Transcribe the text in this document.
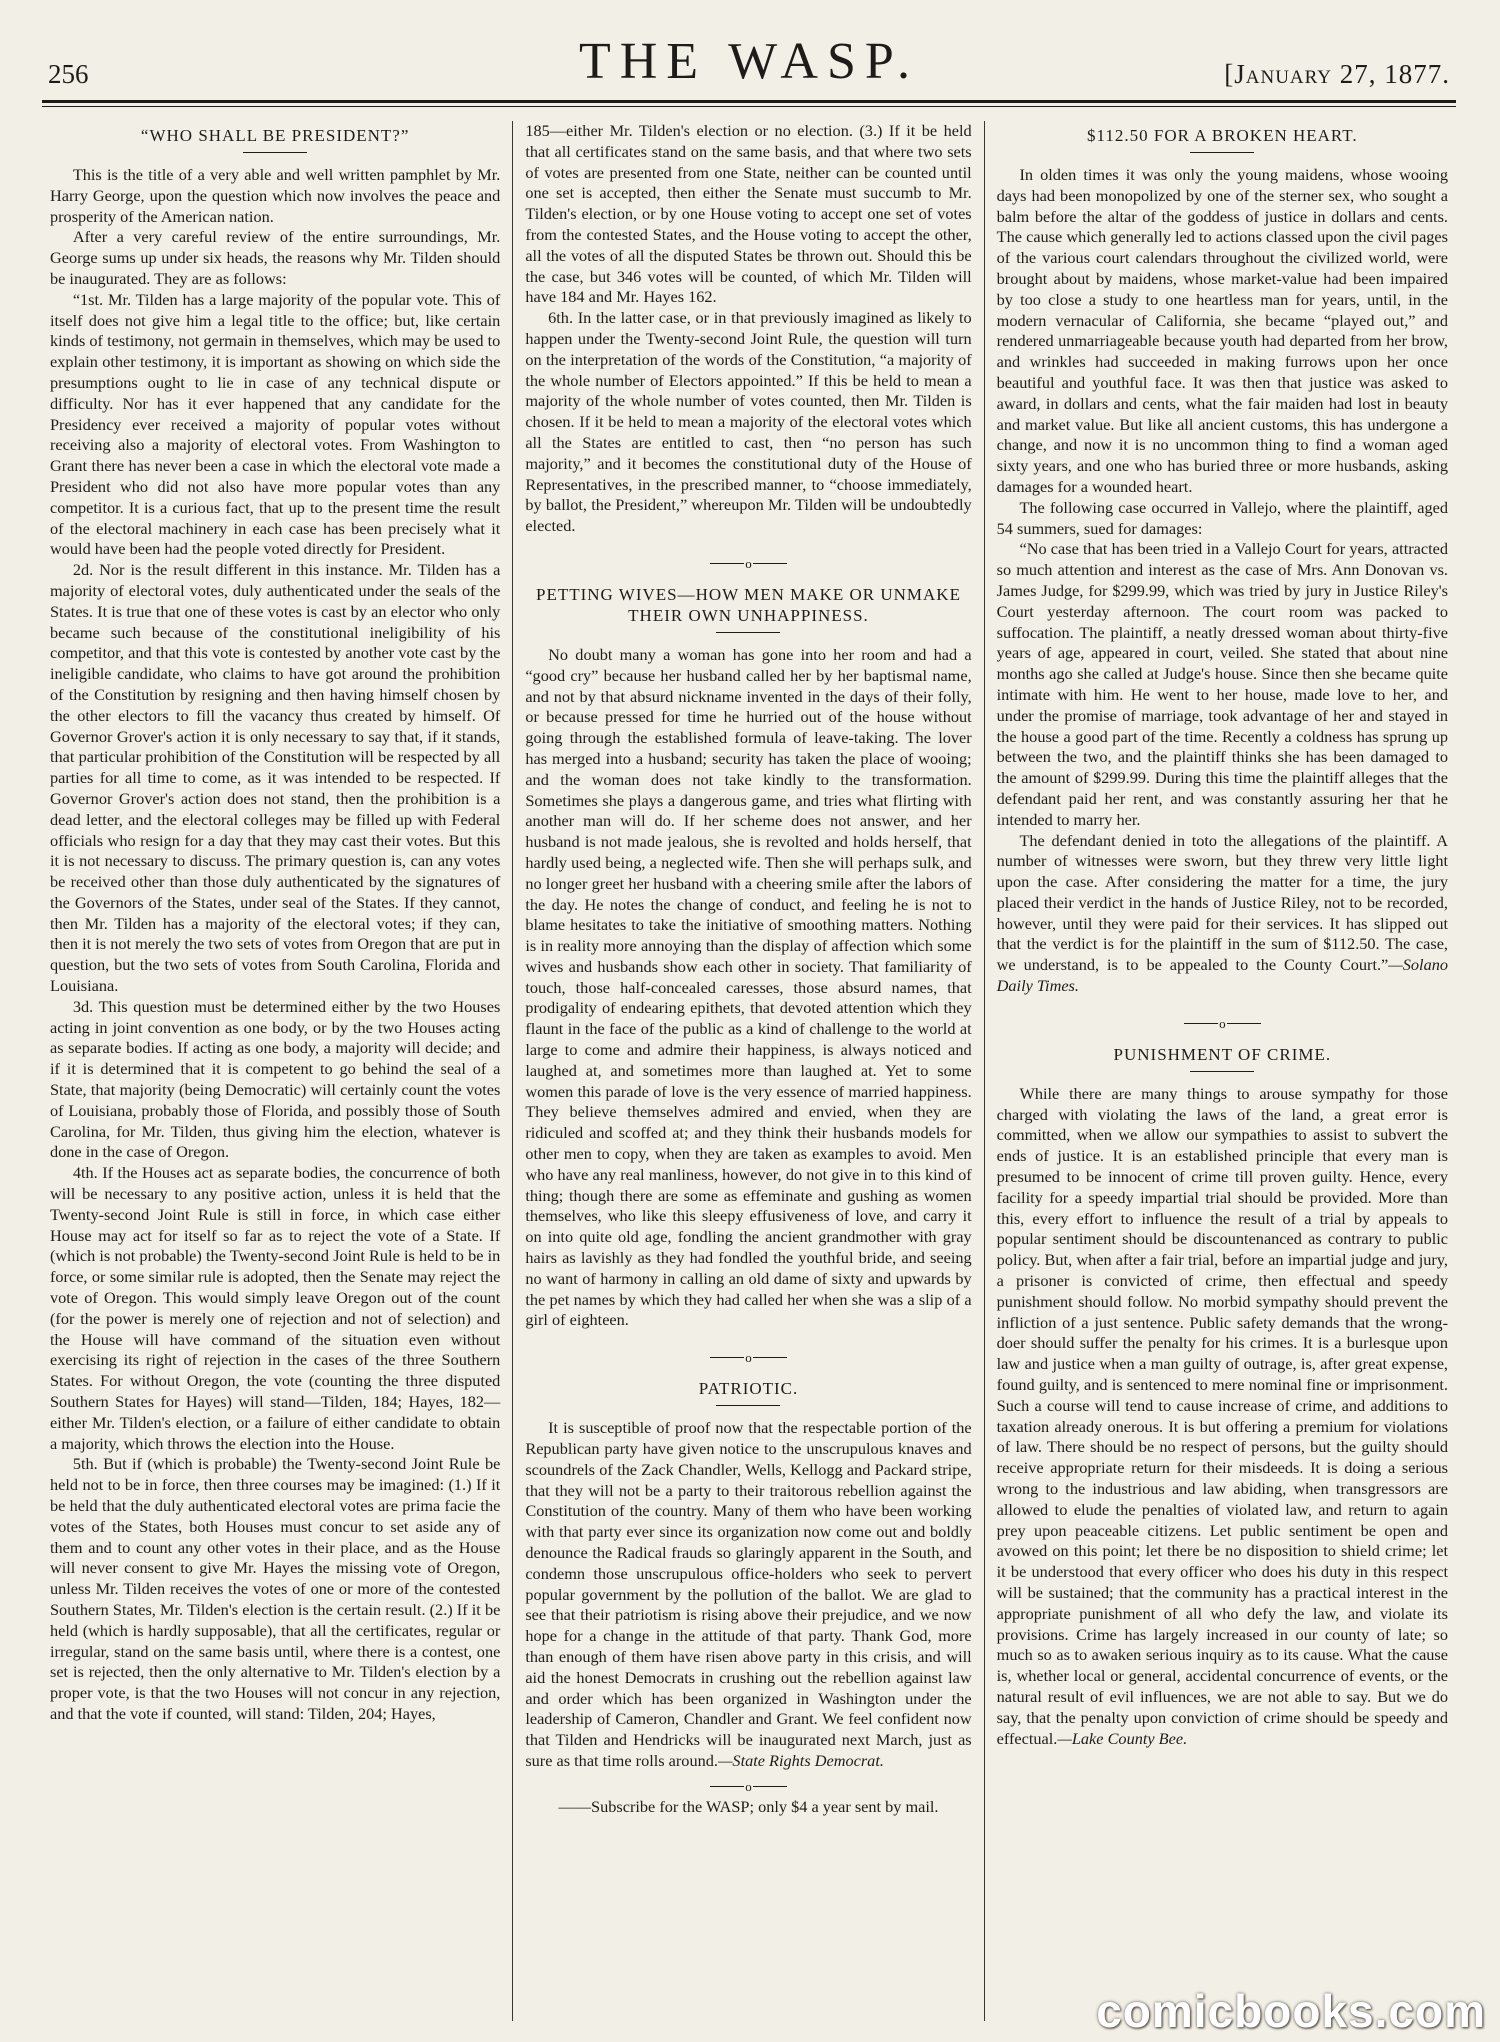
256	THE WASP.	[January 27, 1877.
“WHO SHALL BE PRESIDENT?”

This is the title of a very able and well written pamphlet by Mr. Harry George, upon the question which now involves the peace and prosperity of the American nation.

After a very careful review of the entire surroundings, Mr. George sums up under six heads, the reasons why Mr. Tilden should be inaugurated. They are as follows:

“1st. Mr. Tilden has a large majority of the popular vote. This of itself does not give him a legal title to the office; but, like certain kinds of testimony, not germain in themselves, which may be used to explain other testimony, it is important as showing on which side the presumptions ought to lie in case of any technical dispute or difficulty. Nor has it ever happened that any candidate for the Presidency ever received a majority of popular votes without receiving also a majority of electoral votes. From Washington to Grant there has never been a case in which the electoral vote made a President who did not also have more popular votes than any competitor. It is a curious fact, that up to the present time the result of the electoral machinery in each case has been precisely what it would have been had the people voted directly for President.

2d. Nor is the result different in this instance. Mr. Tilden has a majority of electoral votes, duly authenticated under the seals of the States. It is true that one of these votes is cast by an elector who only became such because of the constitutional ineligibility of his competitor, and that this vote is contested by another vote cast by the ineligible candidate, who claims to have got around the prohibition of the Constitution by resigning and then having himself chosen by the other electors to fill the vacancy thus created by himself. Of Governor Grover's action it is only necessary to say that, if it stands, that particular prohibition of the Constitution will be respected by all parties for all time to come, as it was intended to be respected. If Governor Grover's action does not stand, then the prohibition is a dead letter, and the electoral colleges may be filled up with Federal officials who resign for a day that they may cast their votes. But this it is not necessary to discuss. The primary question is, can any votes be received other than those duly authenticated by the signatures of the Governors of the States, under seal of the States. If they cannot, then Mr. Tilden has a majority of the electoral votes; if they can, then it is not merely the two sets of votes from Oregon that are put in question, but the two sets of votes from South Carolina, Florida and Louisiana.

3d. This question must be determined either by the two Houses acting in joint convention as one body, or by the two Houses acting as separate bodies. If acting as one body, a majority will decide; and if it is determined that it is competent to go behind the seal of a State, that majority (being Democratic) will certainly count the votes of Louisiana, probably those of Florida, and possibly those of South Carolina, for Mr. Tilden, thus giving him the election, whatever is done in the case of Oregon.

4th. If the Houses act as separate bodies, the concurrence of both will be necessary to any positive action, unless it is held that the Twenty-second Joint Rule is still in force, in which case either House may act for itself so far as to reject the vote of a State. If (which is not probable) the Twenty-second Joint Rule is held to be in force, or some similar rule is adopted, then the Senate may reject the vote of Oregon. This would simply leave Oregon out of the count (for the power is merely one of rejection and not of selection) and the House will have command of the situation even without exercising its right of rejection in the cases of the three Southern States. For without Oregon, the vote (counting the three disputed Southern States for Hayes) will stand—Tilden, 184; Hayes, 182—either Mr. Tilden's election, or a failure of either candidate to obtain a majority, which throws the election into the House.

5th. But if (which is probable) the Twenty-second Joint Rule be held not to be in force, then three courses may be imagined: (1.) If it be held that the duly authenticated electoral votes are prima facie the votes of the States, both Houses must concur to set aside any of them and to count any other votes in their place, and as the House will never consent to give Mr. Hayes the missing vote of Oregon, unless Mr. Tilden receives the votes of one or more of the contested Southern States, Mr. Tilden's election is the certain result. (2.) If it be held (which is hardly supposable), that all the certificates, regular or irregular, stand on the same basis until, where there is a contest, one set is rejected, then the only alternative to Mr. Tilden's election by a proper vote, is that the two Houses will not concur in any rejection, and that the vote if counted, will stand: Tilden, 204; Hayes,

185—either Mr. Tilden's election or no election. (3.) If it be held that all certificates stand on the same basis, and that where two sets of votes are presented from one State, neither can be counted until one set is accepted, then either the Senate must succumb to Mr. Tilden's election, or by one House voting to accept one set of votes from the contested States, and the House voting to accept the other, all the votes of all the disputed States be thrown out. Should this be the case, but 346 votes will be counted, of which Mr. Tilden will have 184 and Mr. Hayes 162.

6th. In the latter case, or in that previously imagined as likely to happen under the Twenty-second Joint Rule, the question will turn on the interpretation of the words of the Constitution, “a majority of the whole number of Electors appointed.” If this be held to mean a majority of the whole number of votes counted, then Mr. Tilden is chosen. If it be held to mean a majority of the electoral votes which all the States are entitled to cast, then “no person has such majority,” and it becomes the constitutional duty of the House of Representatives, in the prescribed manner, to “choose immediately, by ballot, the President,” whereupon Mr. Tilden will be undoubtedly elected.

o
PETTING WIVES—HOW MEN MAKE OR UNMAKE THEIR OWN UNHAPPINESS.

No doubt many a woman has gone into her room and had a “good cry” because her husband called her by her baptismal name, and not by that absurd nickname invented in the days of their folly, or because pressed for time he hurried out of the house without going through the established formula of leave-taking. The lover has merged into a husband; security has taken the place of wooing; and the woman does not take kindly to the transformation. Sometimes she plays a dangerous game, and tries what flirting with another man will do. If her scheme does not answer, and her husband is not made jealous, she is revolted and holds herself, that hardly used being, a neglected wife. Then she will perhaps sulk, and no longer greet her husband with a cheering smile after the labors of the day. He notes the change of conduct, and feeling he is not to blame hesitates to take the initiative of smoothing matters. Nothing is in reality more annoying than the display of affection which some wives and husbands show each other in society. That familiarity of touch, those half-concealed caresses, those absurd names, that prodigality of endearing epithets, that devoted attention which they flaunt in the face of the public as a kind of challenge to the world at large to come and admire their happiness, is always noticed and laughed at, and sometimes more than laughed at. Yet to some women this parade of love is the very essence of married happiness. They believe themselves admired and envied, when they are ridiculed and scoffed at; and they think their husbands models for other men to copy, when they are taken as examples to avoid. Men who have any real manliness, however, do not give in to this kind of thing; though there are some as effeminate and gushing as women themselves, who like this sleepy effusiveness of love, and carry it on into quite old age, fondling the ancient grandmother with gray hairs as lavishly as they had fondled the youthful bride, and seeing no want of harmony in calling an old dame of sixty and upwards by the pet names by which they had called her when she was a slip of a girl of eighteen.

o
PATRIOTIC.

It is susceptible of proof now that the respectable portion of the Republican party have given notice to the unscrupulous knaves and scoundrels of the Zack Chandler, Wells, Kellogg and Packard stripe, that they will not be a party to their traitorous rebellion against the Constitution of the country. Many of them who have been working with that party ever since its organization now come out and boldly denounce the Radical frauds so glaringly apparent in the South, and condemn those unscrupulous office-holders who seek to pervert popular government by the pollution of the ballot. We are glad to see that their patriotism is rising above their prejudice, and we now hope for a change in the attitude of that party. Thank God, more than enough of them have risen above party in this crisis, and will aid the honest Democrats in crushing out the rebellion against law and order which has been organized in Washington under the leadership of Cameron, Chandler and Grant. We feel confident now that Tilden and Hendricks will be inaugurated next March, just as sure as that time rolls around.—State Rights Democrat.

o

——Subscribe for the WASP; only $4 a year sent by mail.

$112.50 FOR A BROKEN HEART.

In olden times it was only the young maidens, whose wooing days had been monopolized by one of the sterner sex, who sought a balm before the altar of the goddess of justice in dollars and cents. The cause which generally led to actions classed upon the civil pages of the various court calendars throughout the civilized world, were brought about by maidens, whose market-value had been impaired by too close a study to one heartless man for years, until, in the modern vernacular of California, she became “played out,” and rendered unmarriageable because youth had departed from her brow, and wrinkles had succeeded in making furrows upon her once beautiful and youthful face. It was then that justice was asked to award, in dollars and cents, what the fair maiden had lost in beauty and market value. But like all ancient customs, this has undergone a change, and now it is no uncommon thing to find a woman aged sixty years, and one who has buried three or more husbands, asking damages for a wounded heart.

The following case occurred in Vallejo, where the plaintiff, aged 54 summers, sued for damages:

“No case that has been tried in a Vallejo Court for years, attracted so much attention and interest as the case of Mrs. Ann Donovan vs. James Judge, for $299.99, which was tried by jury in Justice Riley's Court yesterday afternoon. The court room was packed to suffocation. The plaintiff, a neatly dressed woman about thirty-five years of age, appeared in court, veiled. She stated that about nine months ago she called at Judge's house. Since then she became quite intimate with him. He went to her house, made love to her, and under the promise of marriage, took advantage of her and stayed in the house a good part of the time. Recently a coldness has sprung up between the two, and the plaintiff thinks she has been damaged to the amount of $299.99. During this time the plaintiff alleges that the defendant paid her rent, and was constantly assuring her that he intended to marry her.

The defendant denied in toto the allegations of the plaintiff. A number of witnesses were sworn, but they threw very little light upon the case. After considering the matter for a time, the jury placed their verdict in the hands of Justice Riley, not to be recorded, however, until they were paid for their services. It has slipped out that the verdict is for the plaintiff in the sum of $112.50. The case, we understand, is to be appealed to the County Court.”—Solano Daily Times.

o
PUNISHMENT OF CRIME.

While there are many things to arouse sympathy for those charged with violating the laws of the land, a great error is committed, when we allow our sympathies to assist to subvert the ends of justice. It is an established principle that every man is presumed to be innocent of crime till proven guilty. Hence, every facility for a speedy impartial trial should be provided. More than this, every effort to influence the result of a trial by appeals to popular sentiment should be discountenanced as contrary to public policy. But, when after a fair trial, before an impartial judge and jury, a prisoner is convicted of crime, then effectual and speedy punishment should follow. No morbid sympathy should prevent the infliction of a just sentence. Public safety demands that the wrong-doer should suffer the penalty for his crimes. It is a burlesque upon law and justice when a man guilty of outrage, is, after great expense, found guilty, and is sentenced to mere nominal fine or imprisonment. Such a course will tend to cause increase of crime, and additions to taxation already onerous. It is but offering a premium for violations of law. There should be no respect of persons, but the guilty should receive appropriate return for their misdeeds. It is doing a serious wrong to the industrious and law abiding, when transgressors are allowed to elude the penalties of violated law, and return to again prey upon peaceable citizens. Let public sentiment be open and avowed on this point; let there be no disposition to shield crime; let it be understood that every officer who does his duty in this respect will be sustained; that the community has a practical interest in the appropriate punishment of all who defy the law, and violate its provisions. Crime has largely increased in our county of late; so much so as to awaken serious inquiry as to its cause. What the cause is, whether local or general, accidental concurrence of events, or the natural result of evil influences, we are not able to say. But we do say, that the penalty upon conviction of crime should be speedy and effectual.—Lake County Bee.

comicbooks.com
